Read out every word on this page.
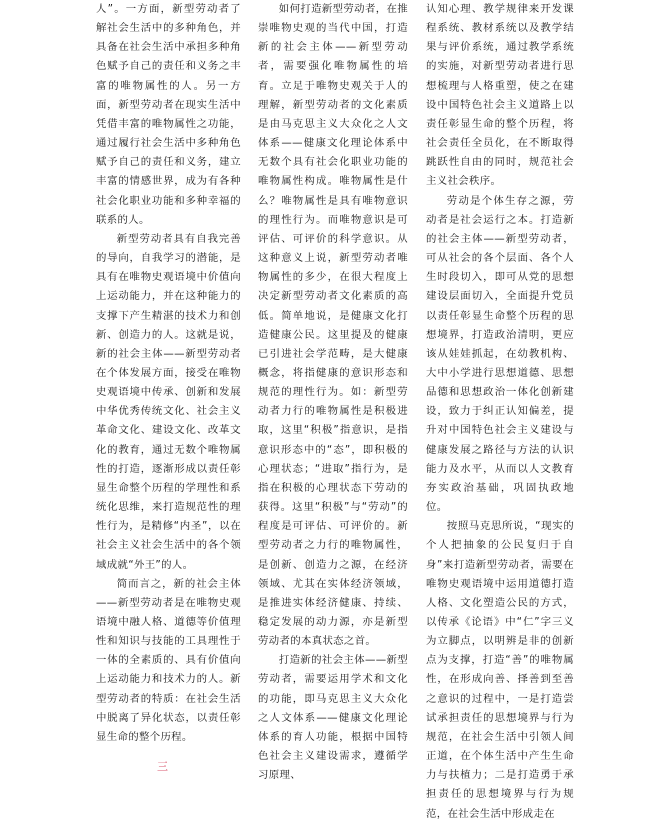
人”。一方面，新型劳动者了解社会生活中的多种角色，并具备在社会生活中承担多种角色赋予自己的责任和义务之丰富的唯物属性的人。另一方面，新型劳动者在现实生活中凭借丰富的唯物属性之功能，通过履行社会生活中多种角色赋予自己的责任和义务，建立丰富的情感世界，成为有各种社会化职业功能和多种幸福的联系的人。

新型劳动者具有自我完善的导向，自我学习的潜能，是具有在唯物史观语境中价值向上运动能力，并在这种能力的支撑下产生精湛的技术力和创新、创造力的人。这就是说，新的社会主体——新型劳动者在个体发展方面，接受在唯物史观语境中传承、创新和发展中华优秀传统文化、社会主义革命文化、建设文化、改革文化的教育，通过无数个唯物属性的打造，逐渐形成以责任彰显生命整个历程的学理性和系统化思维，来打造规范性的理性行为，是精修“内圣”，以在社会主义社会生活中的各个领域成就“外王”的人。

简而言之，新的社会主体——新型劳动者是在唯物史观语境中融人格、道德等价值理性和知识与技能的工具理性于一体的全素质的、具有价值向上运动能力和技术力的人。新型劳动者的特质：在社会生活中脱离了异化状态，以责任彰显生命的整个历程。

如何打造新型劳动者，在推崇唯物史观的当代中国，打造新的社会主体——新型劳动者，需要强化唯物属性的培育。立足于唯物史观关于人的理解，新型劳动者的文化素质是由马克思主义大众化之人文体系——健康文化理论体系中无数个具有社会化职业功能的唯物属性构成。唯物属性是什么？唯物属性是具有唯物意识的理性行为。而唯物意识是可评估、可评价的科学意识。从这种意义上说，新型劳动者唯物属性的多少，在很大程度上决定新型劳动者文化素质的高低。简单地说，是健康文化打造健康公民。这里提及的健康已引进社会学范畴，是大健康概念，将指健康的意识形态和规范的理性行为。如：新型劳动者力行的唯物属性是积极进取，这里“积极”指意识，是指意识形态中的“态”，即积极的心理状态；“进取”指行为，是指在积极的心理状态下劳动的获得。这里“积极”与“劳动”的程度是可评估、可评价的。新型劳动者之力行的唯物属性，是创新、创造力之源，在经济领域、尤其在实体经济领域，是推进实体经济健康、持续、稳定发展的动力源，亦是新型劳动者的本真状态之首。

打造新的社会主体——新型劳动者，需要运用学术和文化的功能，即马克思主义大众化之人文体系——健康文化理论体系的育人功能，根据中国特色社会主义建设需求，遵循学习原理、

认知心理、教学规律来开发课程系统、教材系统以及教学结果与评价系统，通过教学系统的实施，对新型劳动者进行思想梳理与人格重塑，使之在建设中国特色社会主义道路上以责任彰显生命的整个历程，将社会责任全员化，在不断取得跳跃性自由的同时，规范社会主义社会秩序。

劳动是个体生存之源，劳动者是社会运行之本。打造新的社会主体——新型劳动者，可从社会的各个层面、各个人生时段切入，即可从党的思想建设层面切入，全面提升党员以责任彰显生命整个历程的思想境界，打造政治清明，更应该从娃娃抓起，在幼教机构、大中小学进行思想道德、思想品德和思想政治一体化创新建设，致力于纠正认知偏差，提升对中国特色社会主义建设与健康发展之路径与方法的认识能力及水平，从而以人文教育夯实政治基础，巩固执政地位。

按照马克思所说，“现实的个人把抽象的公民复归于自身”来打造新型劳动者，需要在唯物史观语境中运用道德打造人格、文化塑造公民的方式，以传承《论语》中“仁”字三义为立脚点，以明辨是非的创新点为支撑，打造“善”的唯物属性，在形成向善、择善到至善之意识的过程中，一是打造尝试承担责任的思想境界与行为规范，在社会生活中引领人间正道，在个体生活中产生生命力与扶植力；二是打造勇于承担责任的思想境界与行为规范，在社会生活中形成走在

三
